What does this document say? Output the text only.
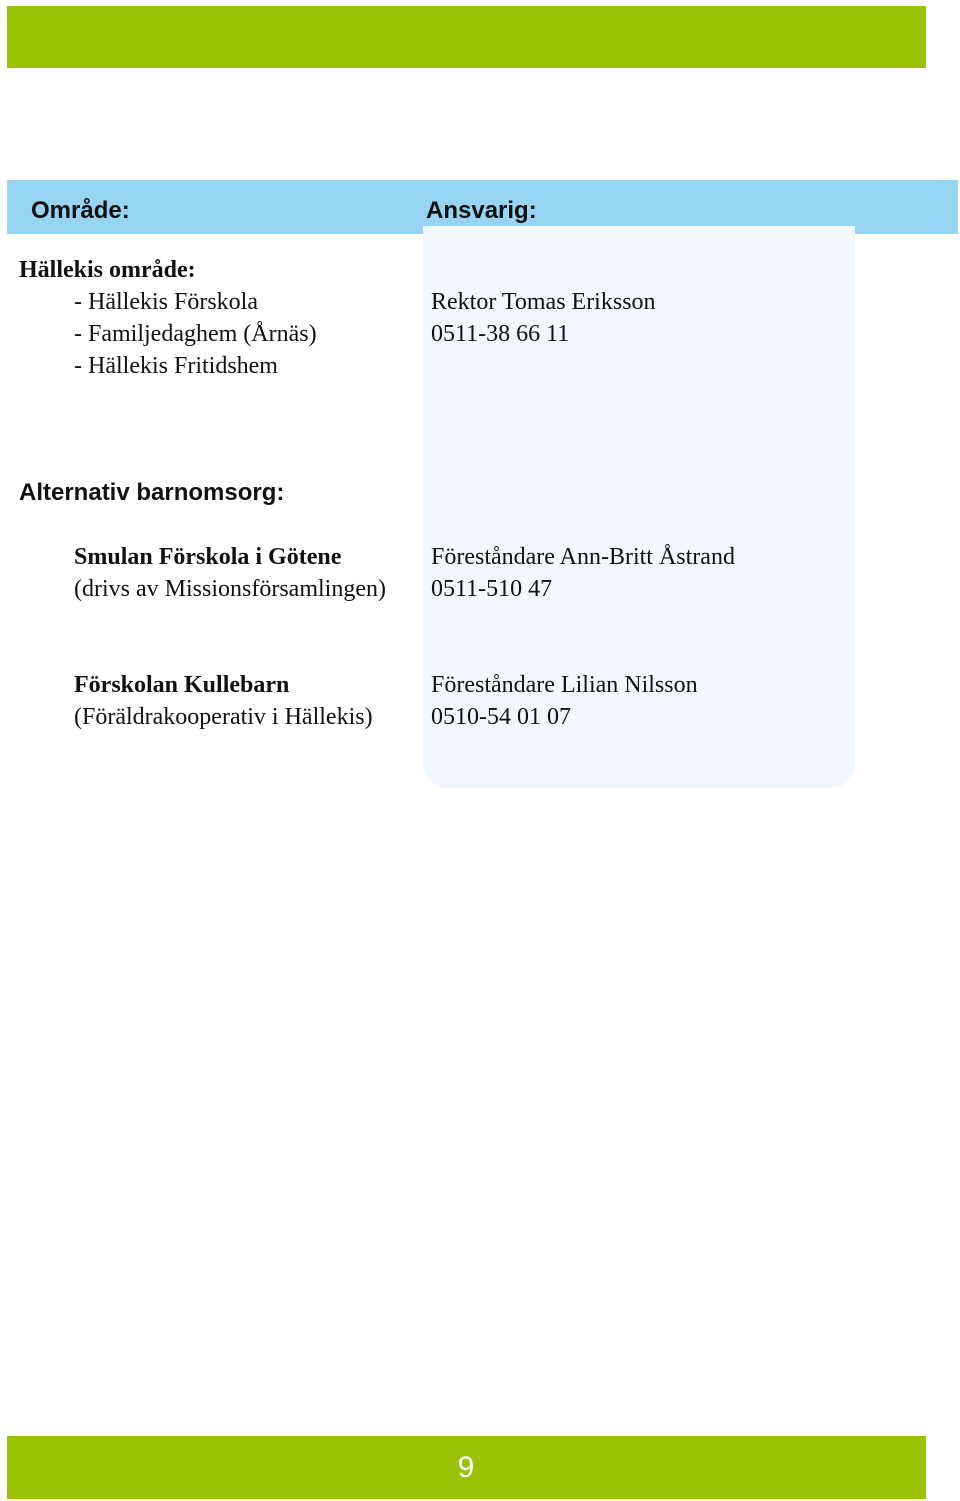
Område:	Ansvarig:
Hällekis område:
- Hällekis Förskola
- Familjedaghem (Årnäs)
- Hällekis Fritidshem
Rektor Tomas Eriksson
0511-38 66 11
Alternativ barnomsorg:
Smulan Förskola i Götene
(drivs av Missionsförsamlingen)
Föreståndare Ann-Britt Åstrand
0511-510 47
Förskolan Kullebarn
(Föräldrakooperativ i Hällekis)
Föreståndare Lilian Nilsson
0510-54 01 07
9
